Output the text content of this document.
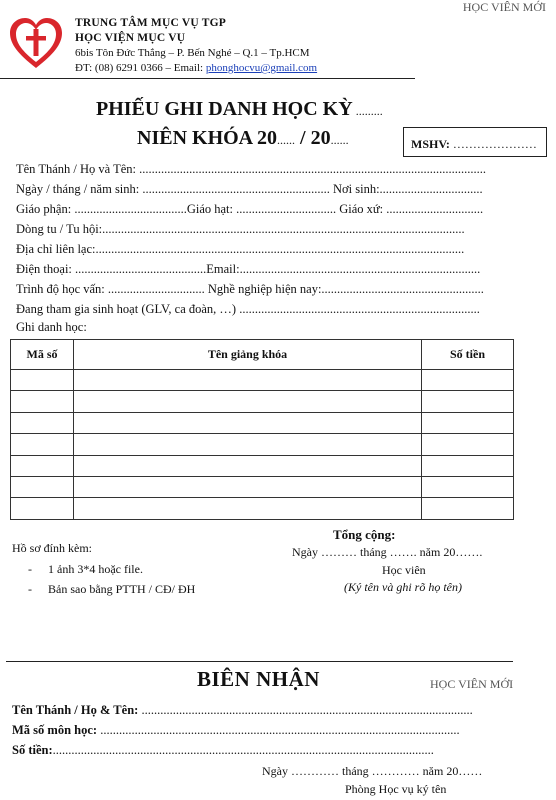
TRUNG TÂM MỤC VỤ TGP
HỌC VIỆN MỤC VỤ
6bis Tôn Đức Thắng – P. Bến Nghé – Q.1 – Tp.HCM
ĐT: (08) 6291 0366 – Email: phonghocvu@gmail.com
HỌC VIÊN MỚI
PHIẾU GHI DANH HỌC KỲ .........
NIÊN KHÓA 20...... / 20......	MSHV: …………………
Tên Thánh / Họ và Tên: ...............................................................................................................
Ngày / tháng / năm sinh: ............................................................ Nơi sinh:.................................
Giáo phận: ....................................Giáo hạt: ................................ Giáo xứ: ...............................
Dòng tu / Tu hội:....................................................................................................................
Địa chỉ liên lạc:......................................................................................................................
Điện thoại: ..........................................Email:.............................................................................
Trình độ học vấn: ............................... Nghề nghiệp hiện nay:....................................................
Đang tham gia sinh hoạt (GLV, ca đoàn, …) .............................................................................
Ghi danh học:
Mã số	Tên giảng khóa	Số tiền

Tổng cộng:
Ngày ……… tháng ……. năm 20…….
Học viên
(Ký tên và ghi rõ họ tên)
Hồ sơ đính kèm:
- 1 ảnh 3*4 hoặc file.
- Bản sao bằng PTTH / CĐ/ ĐH
BIÊN NHẬN	HỌC VIÊN MỚI
Tên Thánh / Họ & Tên: ..........................................................................................................
Mã số môn học: ...................................................................................................................
Số tiền:..........................................................................................................................
Ngày ………… tháng ………… năm 20……
Phòng Học vụ ký tên
